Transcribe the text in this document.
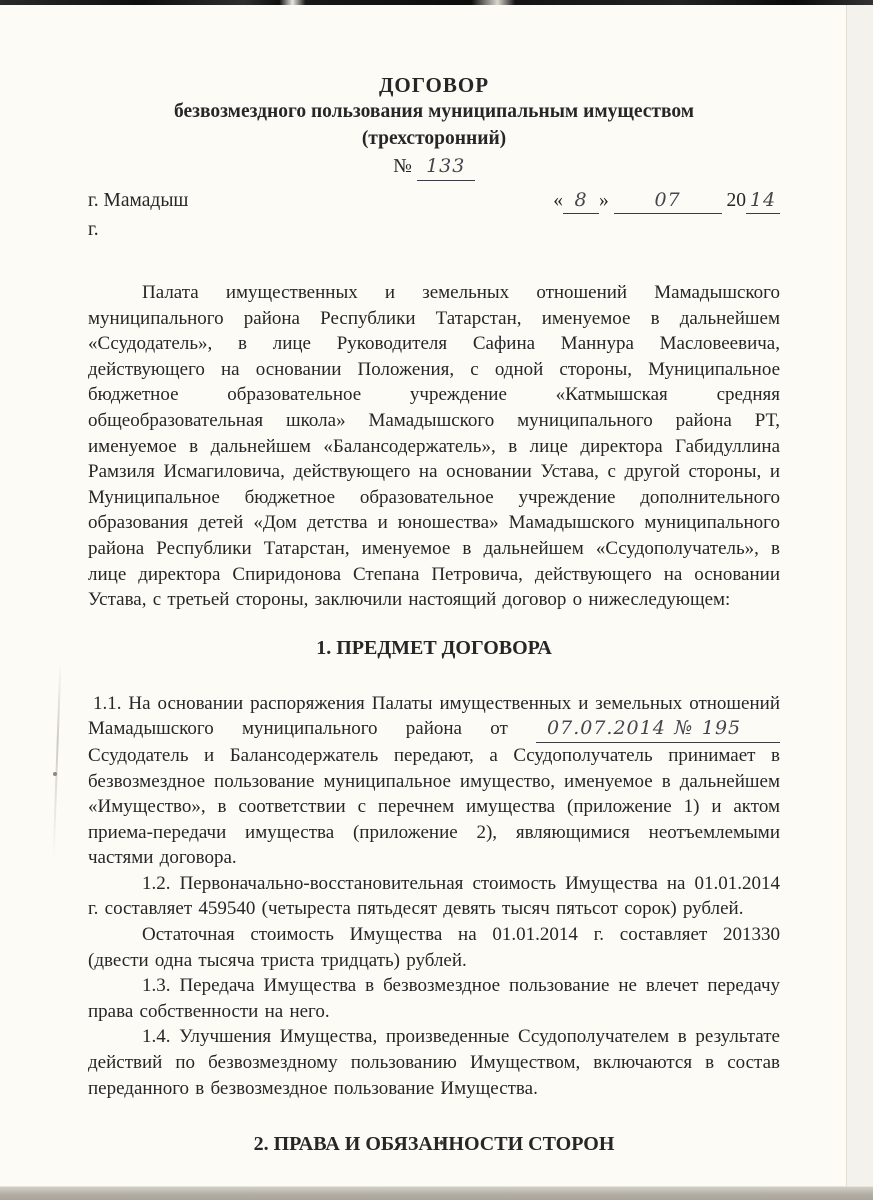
ДОГОВОР
безвозмездного пользования муниципальным имуществом
(трехсторонний)
№ 133
г. Мамадыш	« 8 » 07 20 14
г.

Палата имущественных и земельных отношений Мамадышского муниципального района Республики Татарстан, именуемое в дальнейшем «Ссудодатель», в лице Руководителя Сафина Маннура Масловеевича, действующего на основании Положения, с одной стороны, Муниципальное бюджетное образовательное учреждение «Катмышская средняя общеобразовательная школа» Мамадышского муниципального района РТ, именуемое в дальнейшем «Балансодержатель», в лице директора Габидуллина Рамзиля Исмагиловича, действующего на основании Устава, с другой стороны, и Муниципальное бюджетное образовательное учреждение дополнительного образования детей «Дом детства и юношества» Мамадышского муниципального района Республики Татарстан, именуемое в дальнейшем «Ссудополучатель», в лице директора Спиридонова Степана Петровича, действующего на основании Устава, с третьей стороны, заключили настоящий договор о нижеследующем:

1. ПРЕДМЕТ ДОГОВОРА

1.1. На основании распоряжения Палаты имущественных и земельных отношений Мамадышского муниципального района от 07.07.2014 № 195 Ссудодатель и Балансодержатель передают, а Ссудополучатель принимает в безвозмездное пользование муниципальное имущество, именуемое в дальнейшем «Имущество», в соответствии с перечнем имущества (приложение 1) и актом приема-передачи имущества (приложение 2), являющимися неотъемлемыми частями договора.

1.2. Первоначально-восстановительная стоимость Имущества на 01.01.2014 г. составляет 459540 (четыреста пятьдесят девять тысяч пятьсот сорок) рублей.

Остаточная стоимость Имущества на 01.01.2014 г. составляет 201330 (двести одна тысяча триста тридцать) рублей.

1.3. Передача Имущества в безвозмездное пользование не влечет передачу права собственности на него.

1.4. Улучшения Имущества, произведенные Ссудополучателем в результате действий по безвозмездному пользованию Имуществом, включаются в состав переданного в безвозмездное пользование Имущества.

2. ПРАВА И ОБЯЗАННОСТИ СТОРОН
